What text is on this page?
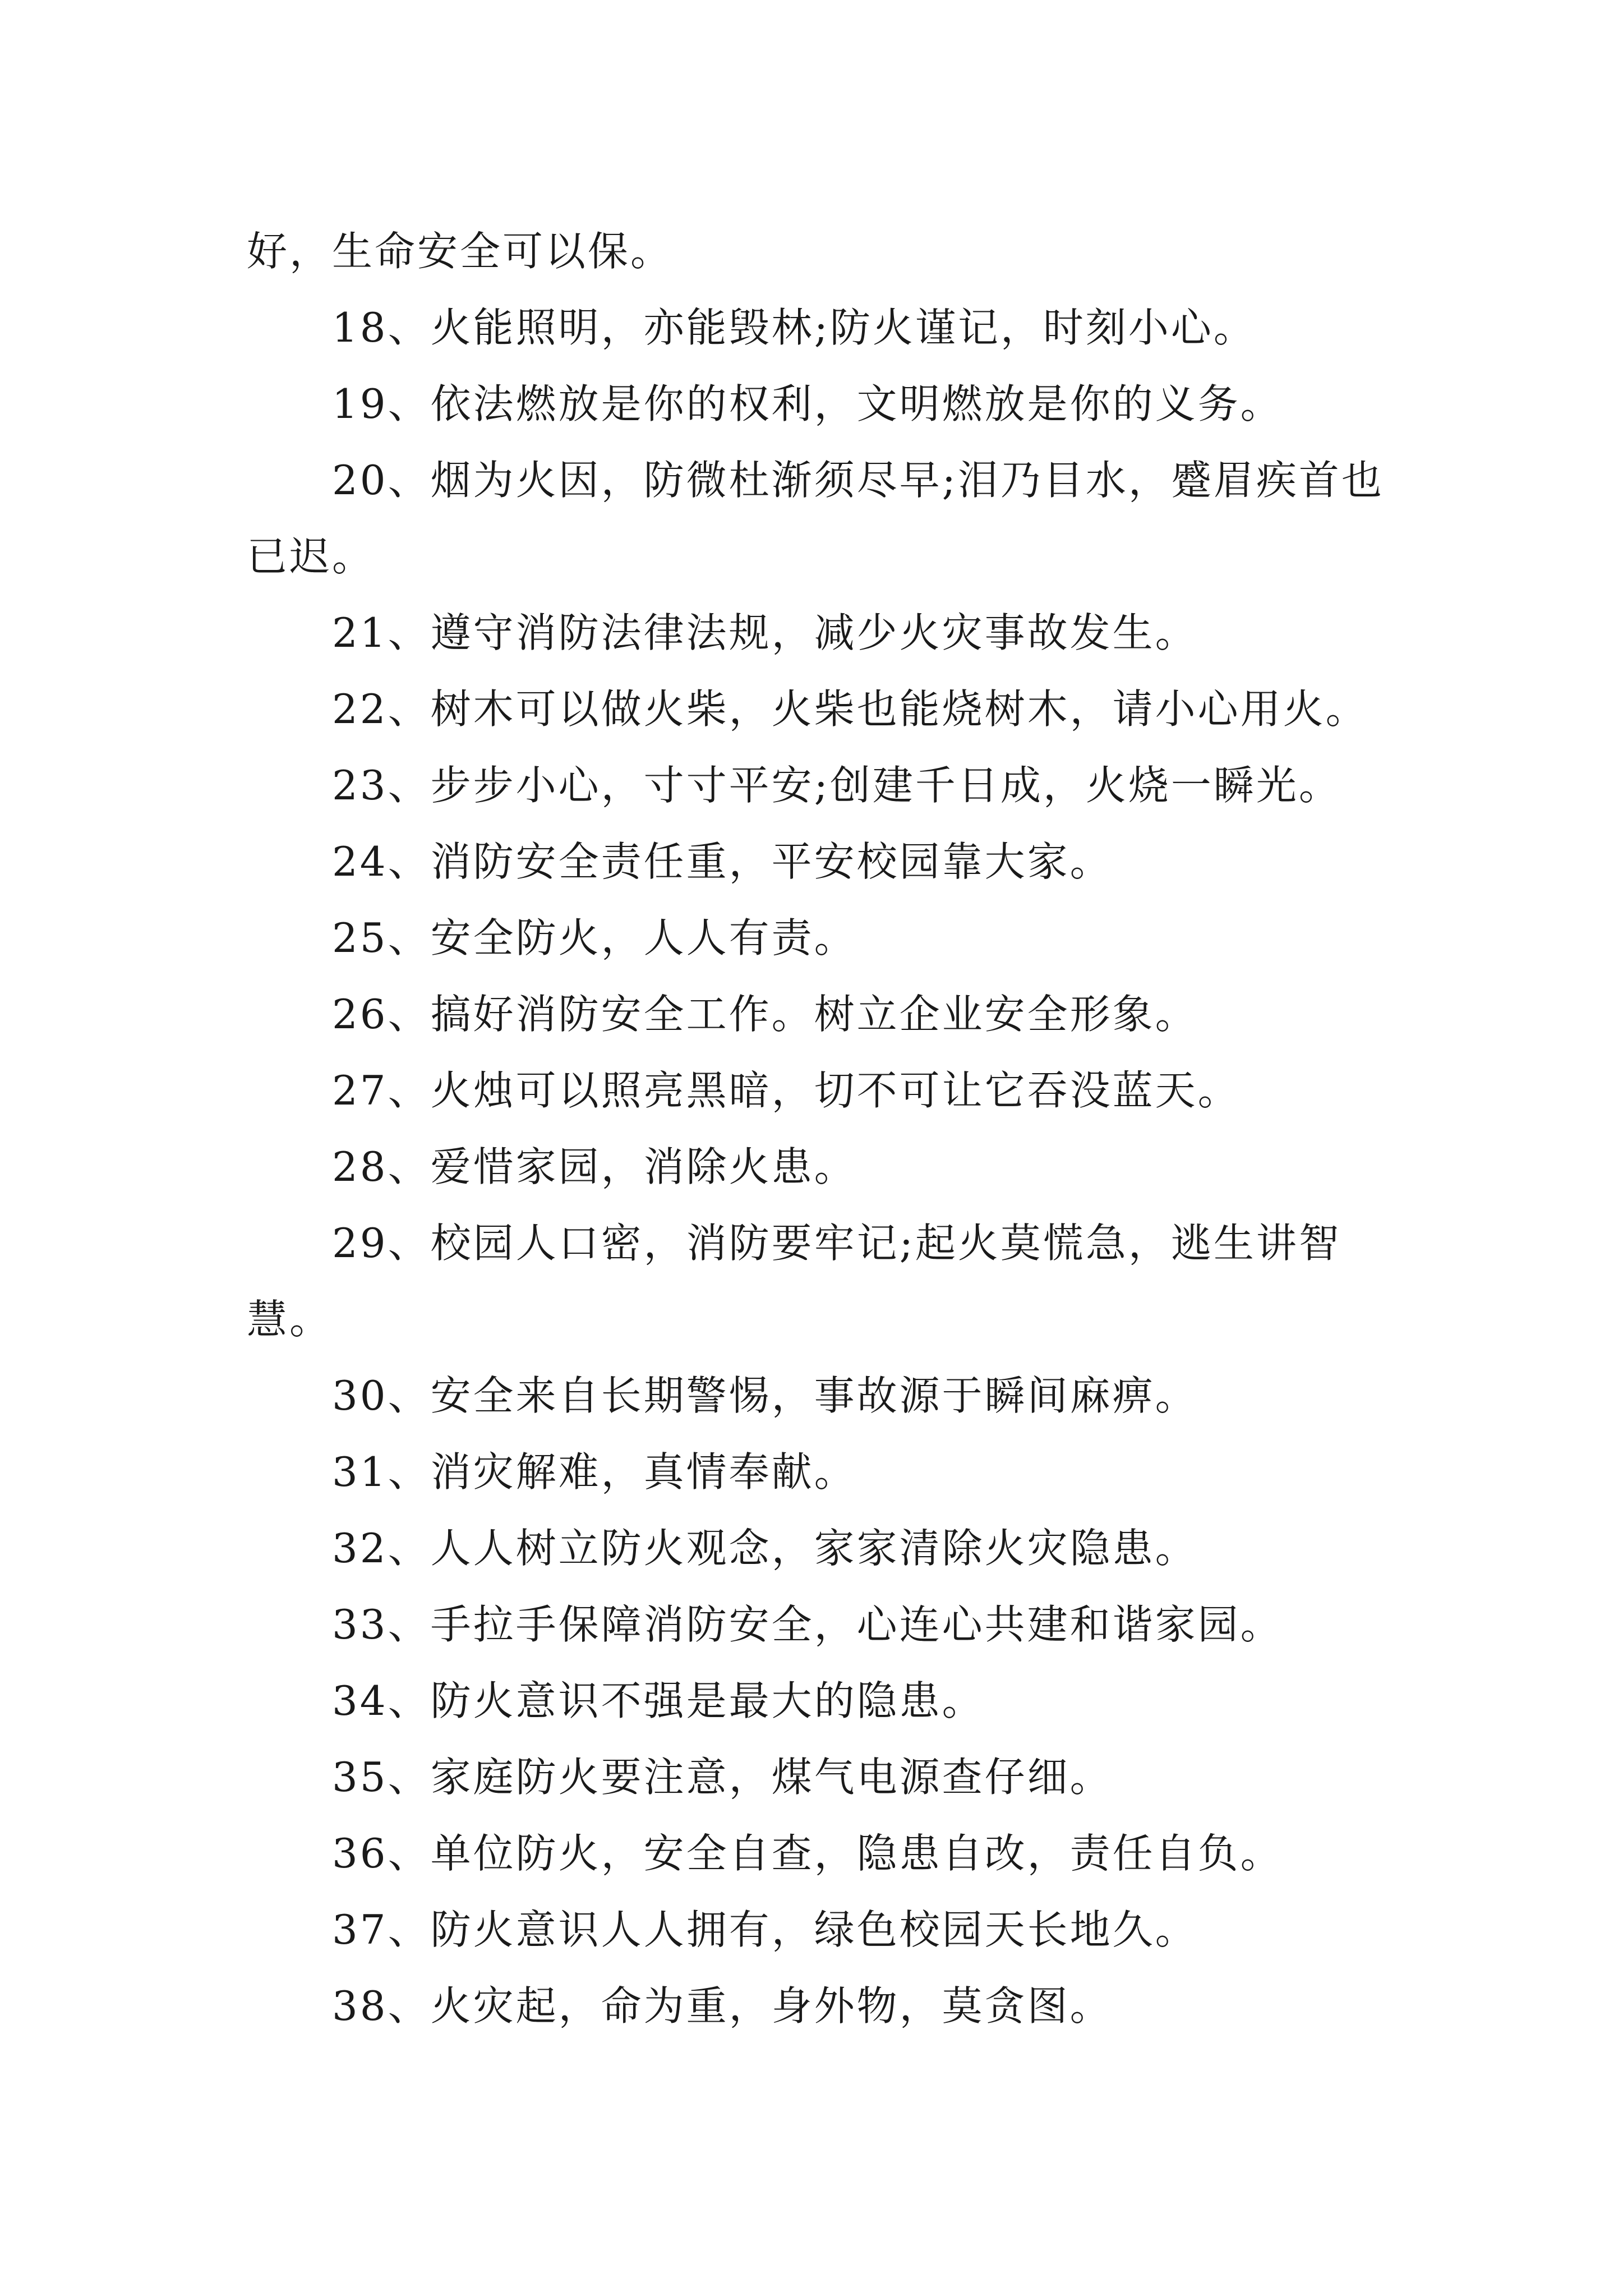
好，生命安全可以保。

18、火能照明，亦能毁林;防火谨记，时刻小心。

19、依法燃放是你的权利，文明燃放是你的义务。

20、烟为火因，防微杜渐须尽早;泪乃目水，蹙眉疾首也已迟。

21、遵守消防法律法规，减少火灾事故发生。

22、树木可以做火柴，火柴也能烧树木，请小心用火。

23、步步小心，寸寸平安;创建千日成，火烧一瞬光。

24、消防安全责任重，平安校园靠大家。

25、安全防火，人人有责。

26、搞好消防安全工作。树立企业安全形象。

27、火烛可以照亮黑暗，切不可让它吞没蓝天。

28、爱惜家园，消除火患。

29、校园人口密，消防要牢记;起火莫慌急，逃生讲智慧。

30、安全来自长期警惕，事故源于瞬间麻痹。

31、消灾解难，真情奉献。

32、人人树立防火观念，家家清除火灾隐患。

33、手拉手保障消防安全，心连心共建和谐家园。

34、防火意识不强是最大的隐患。

35、家庭防火要注意，煤气电源查仔细。

36、单位防火，安全自查，隐患自改，责任自负。

37、防火意识人人拥有，绿色校园天长地久。

38、火灾起，命为重，身外物，莫贪图。
